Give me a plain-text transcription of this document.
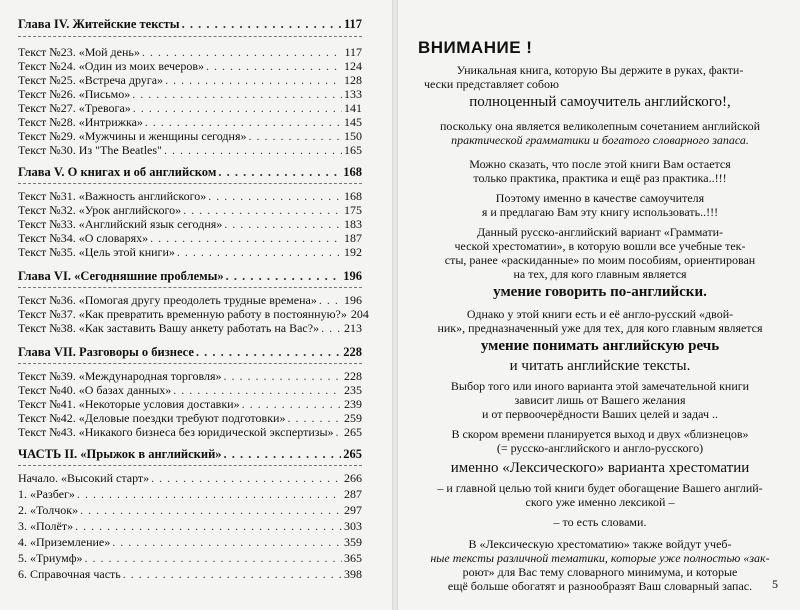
Глава IV. Житейские тексты . . .	117
Текст №23. «Мой день» . . .	117
Текст №24. «Один из моих вечеров» . . .	124
Текст №25. «Встреча друга» . . .	128
Текст №26. «Письмо» . . .	133
Текст №27. «Тревога» . . .	141
Текст №28. «Интрижка» . . .	145
Текст №29. «Мужчины и женщины сегодня» . . .	150
Текст №30. Из "The Beatles" . . .	165
Глава V. О книгах и об английском . . .	168
Текст №31. «Важность английского» . . .	168
Текст №32. «Урок английского» . . .	175
Текст №33. «Английский язык сегодня» . . .	183
Текст №34. «О словарях» . . .	187
Текст №35. «Цель этой книги» . . .	192
Глава VI. «Сегодняшние проблемы» . . .	196
Текст №36. «Помогая другу преодолеть трудные времена» . . . 196
Текст №37. «Как превратить временную работу в постоянную?» 204
Текст №38. «Как заставить Вашу анкету работать на Вас?» . . . 213
Глава VII. Разговоры о бизнесе . . .	228
Текст №39. «Международная торговля» . . .	228
Текст №40. «О базах данных» . . .	235
Текст №41. «Некоторые условия доставки» . . .	239
Текст №42. «Деловые поездки требуют подготовки» . . .	259
Текст №43. «Никакого бизнеса без юридической экспертизы» . . . 265
ЧАСТЬ II. «Прыжок в английский» . . .	265
Начало. «Высокий старт» . . .	266
1. «Разбег» . . .	287
2. «Толчок» . . .	297
3. «Полёт» . . .	303
4. «Приземление» . . .	359
5. «Триумф» . . .	365
6. Справочная часть . . .	398
ВНИМАНИЕ !
Уникальная книга, которую Вы держите в руках, факти-
чески представляет собою
полноценный самоучитель английского!,
поскольку она является великолепным сочетанием английской
практической грамматики и богатого словарного запаса.
Можно сказать, что после этой книги Вам остается
только практика, практика и ещё раз практика..!!!
Поэтому именно в качестве самоучителя
я и предлагаю Вам эту книгу использовать..!!!
Данный русско-английский вариант «Граммати-
ческой хрестоматии», в которую вошли все учебные тек-
сты, ранее «раскиданные» по моим пособиям, ориентирован
на тех, для кого главным является
умение говорить по-английски.
Однако у этой книги есть и её англо-русский «двой-
ник», предназначенный уже для тех, для кого главным является
умение понимать английскую речь
и читать английские тексты.
Выбор того или иного варианта этой замечательной книги
зависит лишь от Вашего желания
и от первоочерёдности Ваших целей и задач ..
В скором времени планируется выход и двух «близнецов»
(= русско-английского и англо-русского)
именно «Лексического» варианта хрестоматии
– и главной целью той книги будет обогащение Вашего англий-
ского уже именно лексикой –
– то есть словами.
В «Лексическую хрестоматию» также войдут учеб-
ные тексты различной тематики, которые уже полностью «зак-
роют» для Вас тему словарного минимума, и которые
ещё больше обогатят и разнообразят Ваш словарный запас.	5
